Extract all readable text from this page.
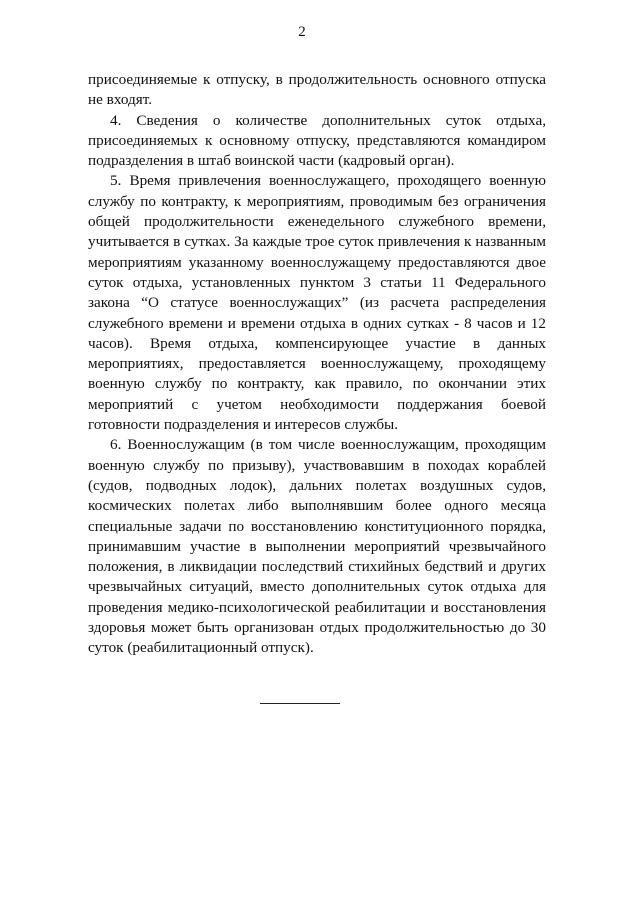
2

присоединяемые к отпуску, в продолжительность основного отпуска не входят.

4. Сведения о количестве дополнительных суток отдыха, присоединяемых к основному отпуску, представляются командиром подразделения в штаб воинской части (кадровый орган).

5. Время привлечения военнослужащего, проходящего военную службу по контракту, к мероприятиям, проводимым без ограничения общей продолжительности еженедельного служебного времени, учитывается в сутках. За каждые трое суток привлечения к названным мероприятиям указанному военнослужащему предоставляются двое суток отдыха, установленных пунктом 3 статьи 11 Федерального закона “О статусе военнослужащих” (из расчета распределения служебного времени и времени отдыха в одних сутках - 8 часов и 12 часов). Время отдыха, компенсирующее участие в данных мероприятиях, предоставляется военнослужащему, проходящему военную службу по контракту, как правило, по окончании этих мероприятий с учетом необходимости поддержания боевой готовности подразделения и интересов службы.

6. Военнослужащим (в том числе военнослужащим, проходящим военную службу по призыву), участвовавшим в походах кораблей (судов, подводных лодок), дальних полетах воздушных судов, космических полетах либо выполнявшим более одного месяца специальные задачи по восстановлению конституционного порядка, принимавшим участие в выполнении мероприятий чрезвычайного положения, в ликвидации последствий стихийных бедствий и других чрезвычайных ситуаций, вместо дополнительных суток отдыха для проведения медико-психологической реабилитации и восстановления здоровья может быть организован отдых продолжительностью до 30 суток (реабилитационный отпуск).
